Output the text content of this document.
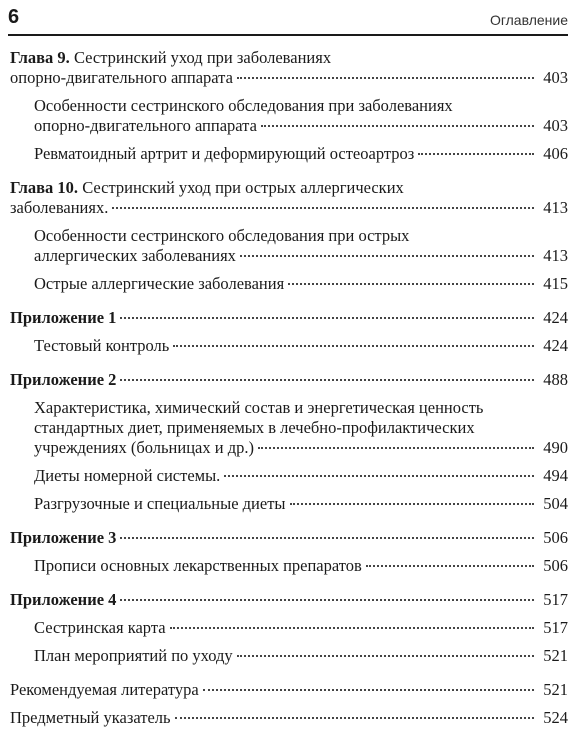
6	Оглавление
Глава 9. Сестринский уход при заболеваниях
опорно-двигательного аппарата	403
Особенности сестринского обследования при заболеваниях
опорно-двигательного аппарата	403
Ревматоидный артрит и деформирующий остеоартроз	406
Глава 10. Сестринский уход при острых аллергических
заболеваниях.	413
Особенности сестринского обследования при острых
аллергических заболеваниях	413
Острые аллергические заболевания	415
Приложение 1	424
Тестовый контроль	424
Приложение 2	488
Характеристика, химический состав и энергетическая ценность стандартных диет, применяемых в лечебно-профилактических
учреждениях (больницах и др.)	490
Диеты номерной системы.	494
Разгрузочные и специальные диеты	504
Приложение 3	506
Прописи основных лекарственных препаратов	506
Приложение 4	517
Сестринская карта	517
План мероприятий по уходу	521
Рекомендуемая литература	521
Предметный указатель	524
